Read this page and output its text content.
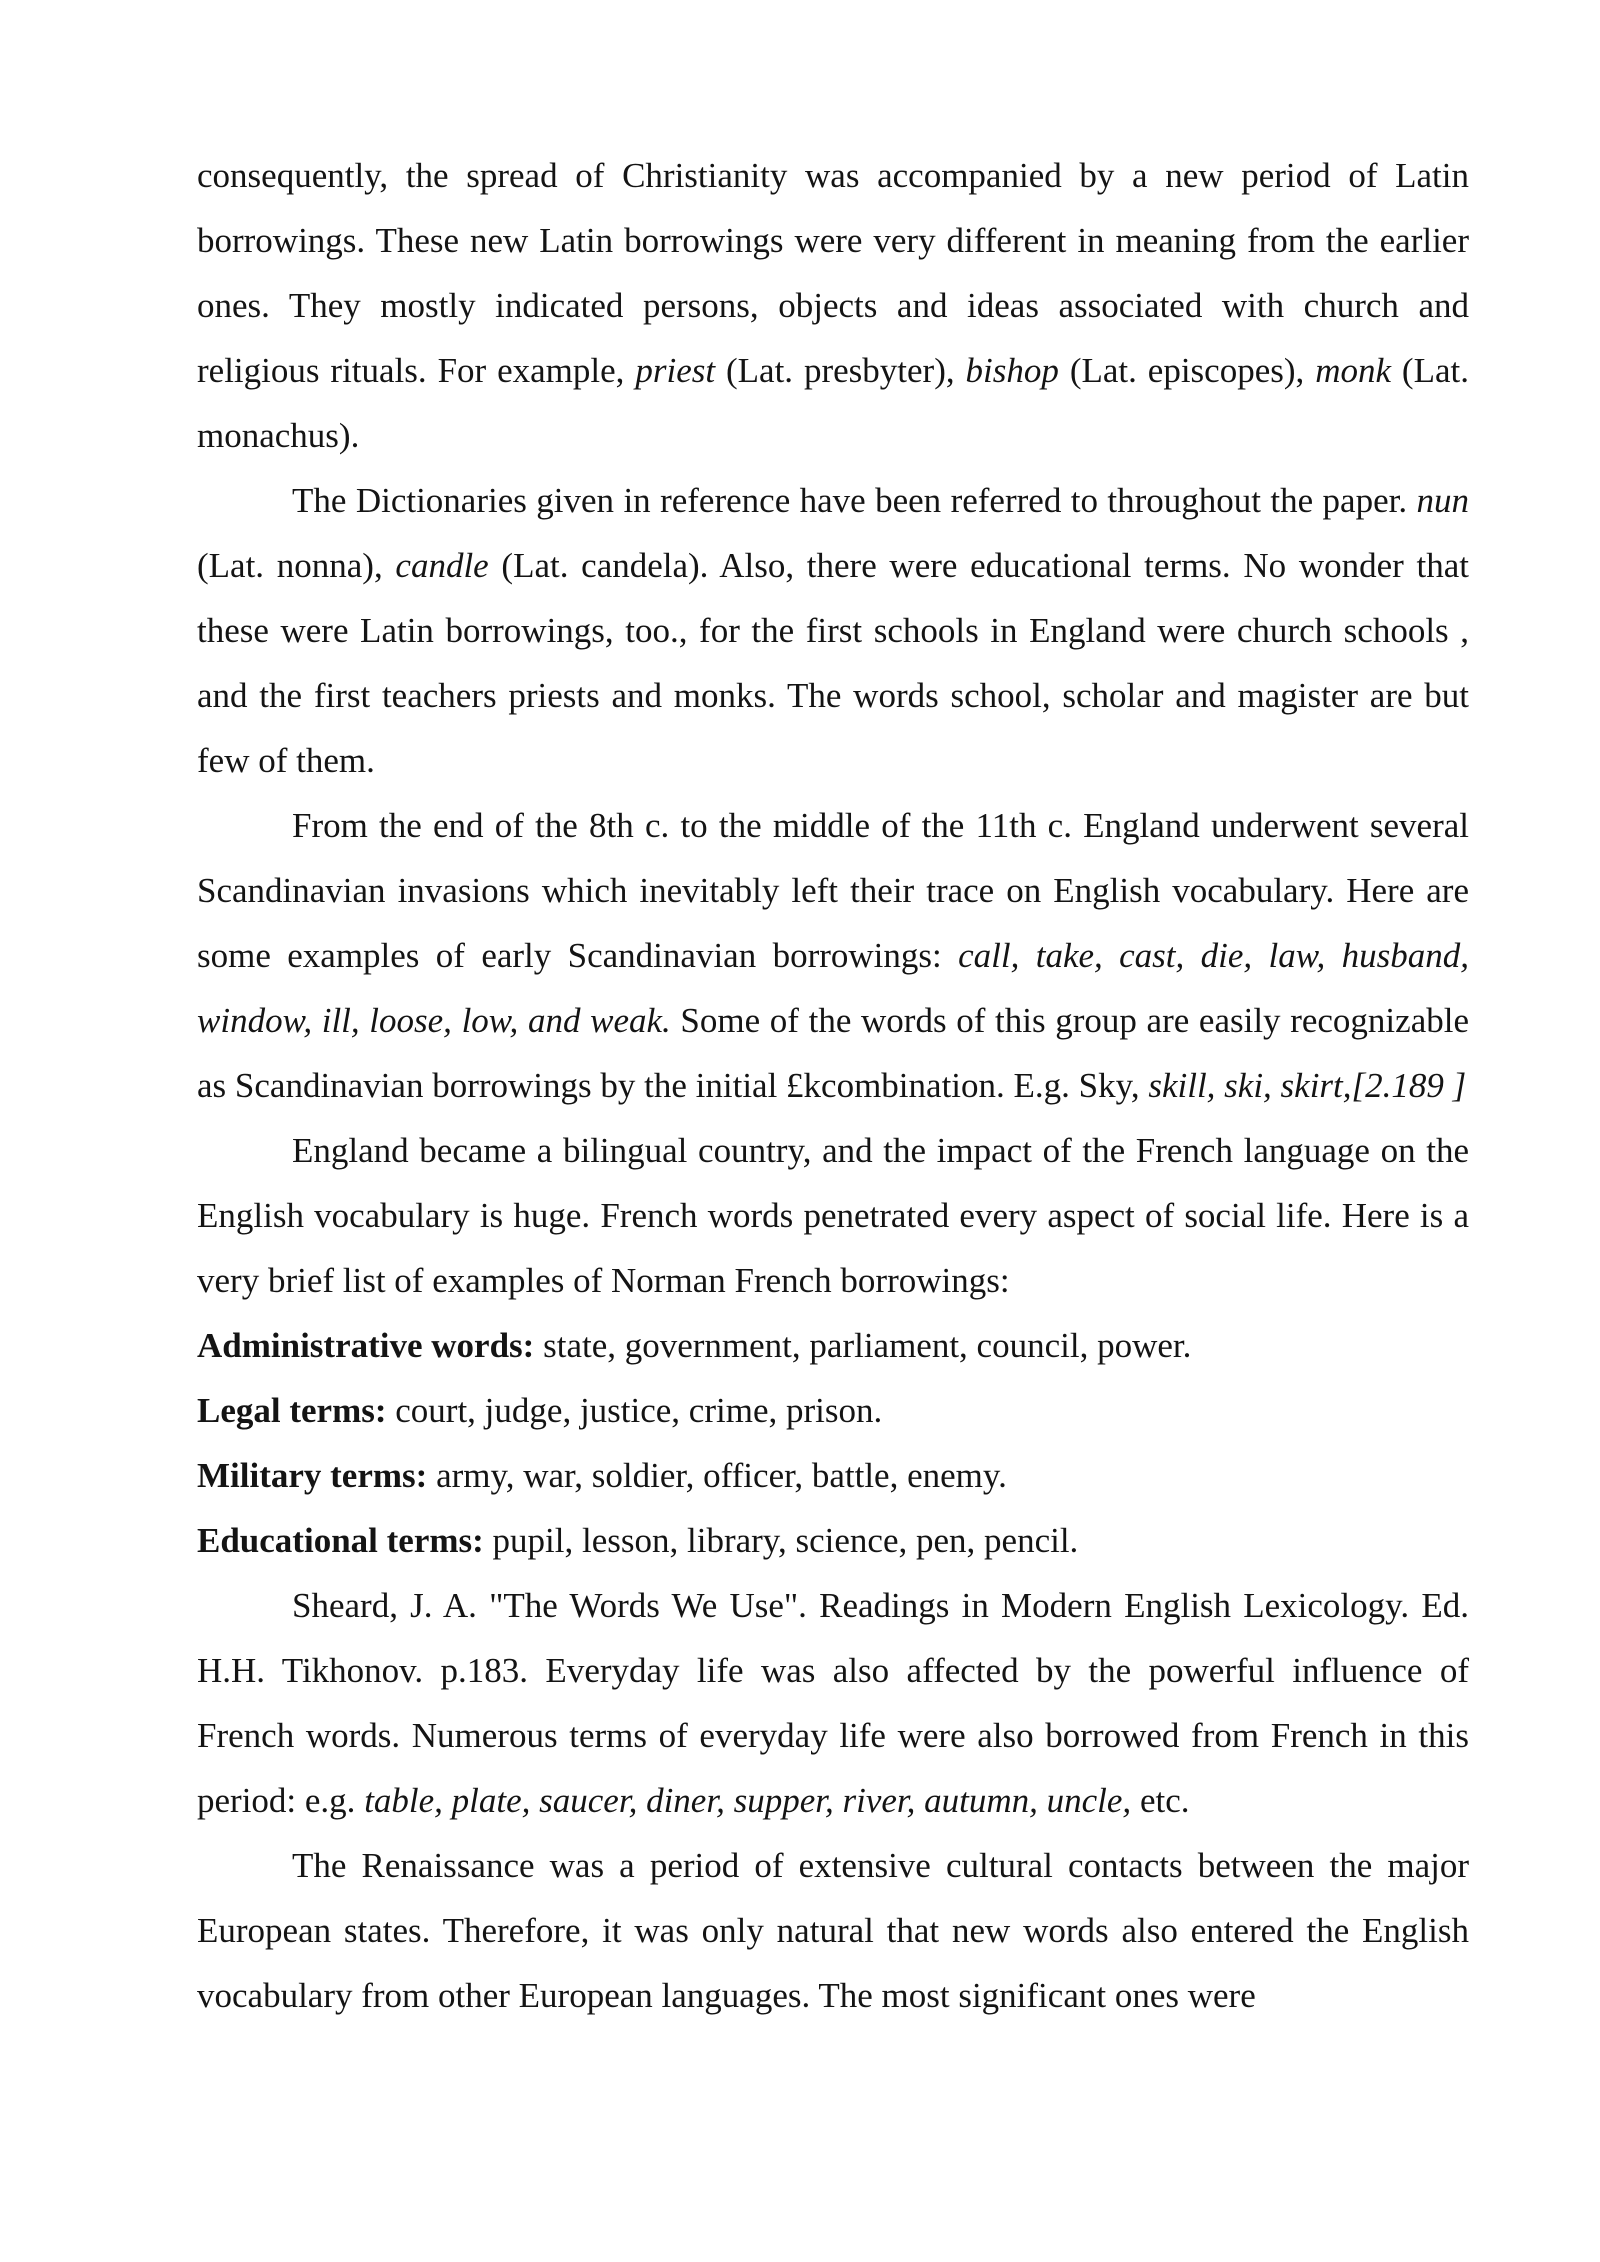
consequently, the spread of Christianity was accompanied by a new period of Latin borrowings. These new Latin borrowings were very different in meaning from the earlier ones. They mostly indicated persons, objects and ideas associated with church and religious rituals. For example, priest (Lat. presbyter), bishop (Lat. episcopes), monk (Lat. monachus).

The Dictionaries given in reference have been referred to throughout the paper. nun (Lat. nonna), candle (Lat. candela). Also, there were educational terms. No wonder that these were Latin borrowings, too., for the first schools in England were church schools , and the first teachers priests and monks. The words school, scholar and magister are but few of them.

From the end of the 8th c. to the middle of the 11th c. England underwent several Scandinavian invasions which inevitably left their trace on English vocabulary. Here are some examples of early Scandinavian borrowings: call, take, cast, die, law, husband, window, ill, loose, low, and weak. Some of the words of this group are easily recognizable as Scandinavian borrowings by the initial £kcombination. E.g. Sky, skill, ski, skirt,[2.189 ]

England became a bilingual country, and the impact of the French language on the English vocabulary is huge. French words penetrated every aspect of social life. Here is a very brief list of examples of Norman French borrowings:

Administrative words: state, government, parliament, council, power.

Legal terms: court, judge, justice, crime, prison.

Military terms: army, war, soldier, officer, battle, enemy.

Educational terms: pupil, lesson, library, science, pen, pencil.

Sheard, J. A. "The Words We Use". Readings in Modern English Lexicology. Ed. H.H. Tikhonov. p.183. Everyday life was also affected by the powerful influence of French words. Numerous terms of everyday life were also borrowed from French in this period: e.g. table, plate, saucer, diner, supper, river, autumn, uncle, etc.

The Renaissance was a period of extensive cultural contacts between the major European states. Therefore, it was only natural that new words also entered the English vocabulary from other European languages. The most significant ones were
